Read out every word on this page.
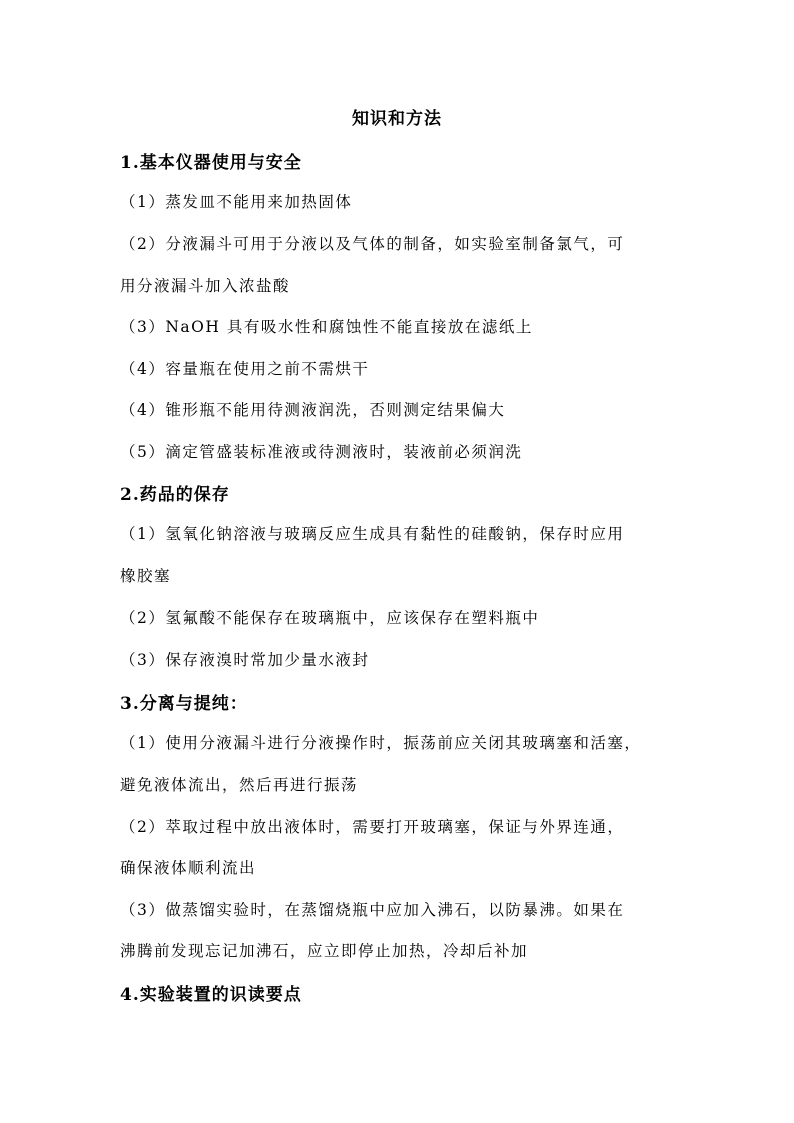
知识和方法
1.基本仪器使用与安全
（1）蒸发皿不能用来加热固体
（2）分液漏斗可用于分液以及气体的制备，如实验室制备氯气，可
用分液漏斗加入浓盐酸
（3）NaOH 具有吸水性和腐蚀性不能直接放在滤纸上
（4）容量瓶在使用之前不需烘干
（4）锥形瓶不能用待测液润洗，否则测定结果偏大
（5）滴定管盛装标准液或待测液时，装液前必须润洗
2.药品的保存
（1）氢氧化钠溶液与玻璃反应生成具有黏性的硅酸钠，保存时应用
橡胶塞
（2）氢氟酸不能保存在玻璃瓶中，应该保存在塑料瓶中
（3）保存液溴时常加少量水液封
3.分离与提纯：
（1）使用分液漏斗进行分液操作时，振荡前应关闭其玻璃塞和活塞，
避免液体流出，然后再进行振荡
（2）萃取过程中放出液体时，需要打开玻璃塞，保证与外界连通，
确保液体顺利流出
（3）做蒸馏实验时，在蒸馏烧瓶中应加入沸石，以防暴沸。如果在
沸腾前发现忘记加沸石，应立即停止加热，冷却后补加
4.实验装置的识读要点
